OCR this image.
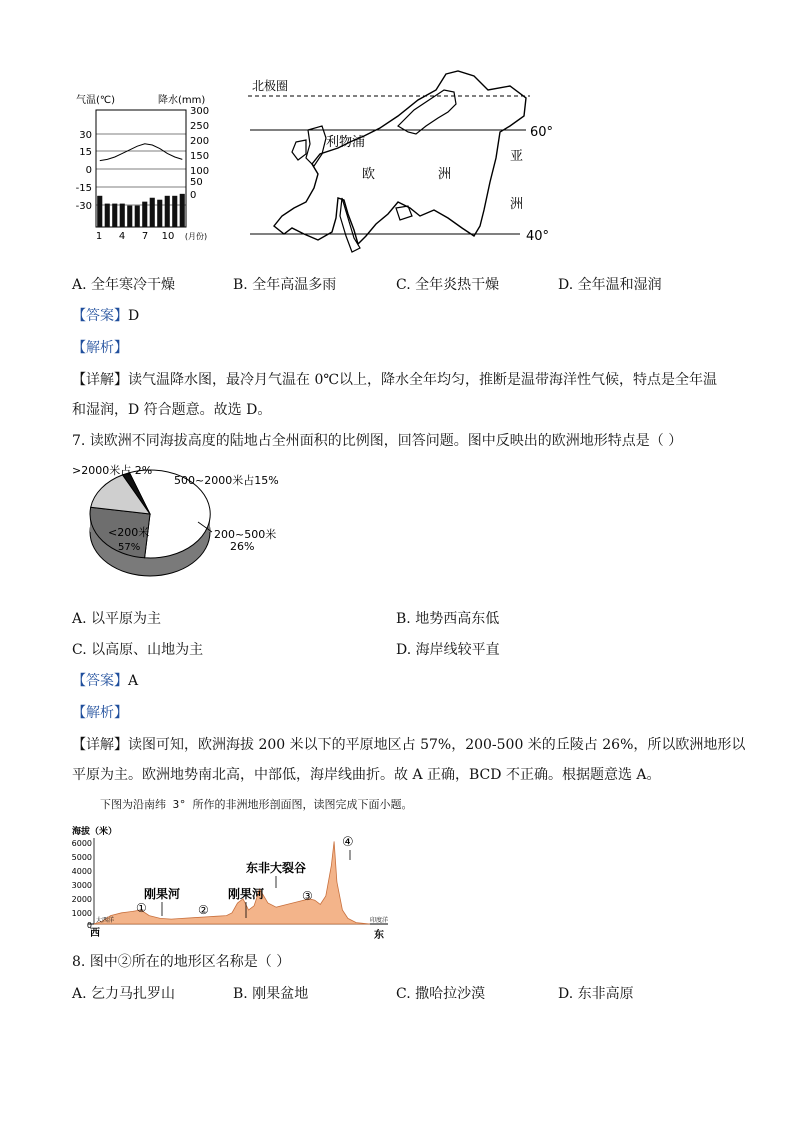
气温(℃)	降水(mm)
30
15
0
-15
-30
300
250
200
150
100
50
0
1 4 7 10 (月份)
北极圈
60°
40°
利物浦
欧	洲
亚
洲
A. 全年寒冷干燥	B. 全年高温多雨	C. 全年炎热干燥	D. 全年温和湿润
【答案】D
【解析】
【详解】读气温降水图，最冷月气温在 0℃以上，降水全年均匀，推断是温带海洋性气候，特点是全年温
和湿润，D 符合题意。故选 D。
7. 读欧洲不同海拔高度的陆地占全州面积的比例图，回答问题。图中反映出的欧洲地形特点是（ ）
>2000米占 2%
500~2000米占15%
200~500米
26%
<200米
57%
A. 以平原为主	B. 地势西高东低
C. 以高原、山地为主	D. 海岸线较平直
【答案】A
【解析】
【详解】读图可知，欧洲海拔 200 米以下的平原地区占 57%，200-500 米的丘陵占 26%，所以欧洲地形以
平原为主。欧洲地势南北高，中部低，海岸线曲折。故 A 正确，BCD 不正确。根据题意选 A。
下图为沿南纬 3° 所作的非洲地形剖面图，读图完成下面小题。
海拔（米）
6000
5000
4000
3000
2000
1000
0
大西洋	印度洋
①	②
③
④
刚果河	刚果河
东非大裂谷
西	东
8. 图中②所在的地形区名称是（ ）
A. 乞力马扎罗山	B. 刚果盆地	C. 撒哈拉沙漠	D. 东非高原
